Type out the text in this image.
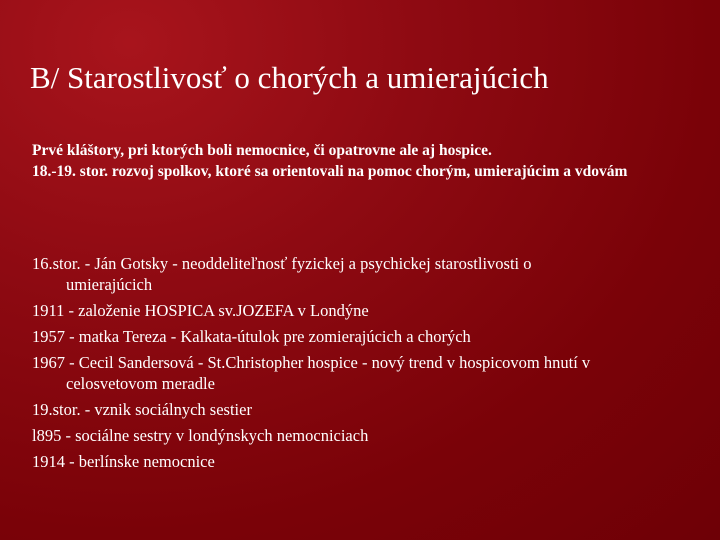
B/ Starostlivosť o chorých a umierajúcich

Prvé kláštory, pri ktorých boli nemocnice, či opatrovne ale aj hospice.

18.-19. stor. rozvoj spolkov, ktoré sa orientovali na pomoc chorým, umierajúcim a vdovám

16.stor. - Ján Gotsky - neoddeliteľnosť fyzickej a psychickej starostlivosti o
umierajúcich
1911 - založenie HOSPICA sv.JOZEFA v Londýne
1957 - matka Tereza - Kalkata-útulok pre zomierajúcich a chorých
1967 - Cecil Sandersová - St.Christopher hospice - nový trend v hospicovom hnutí v
celosvetovom meradle
19.stor. - vznik sociálnych sestier
l895 - sociálne sestry v londýnskych nemocniciach
1914 - berlínske nemocnice
